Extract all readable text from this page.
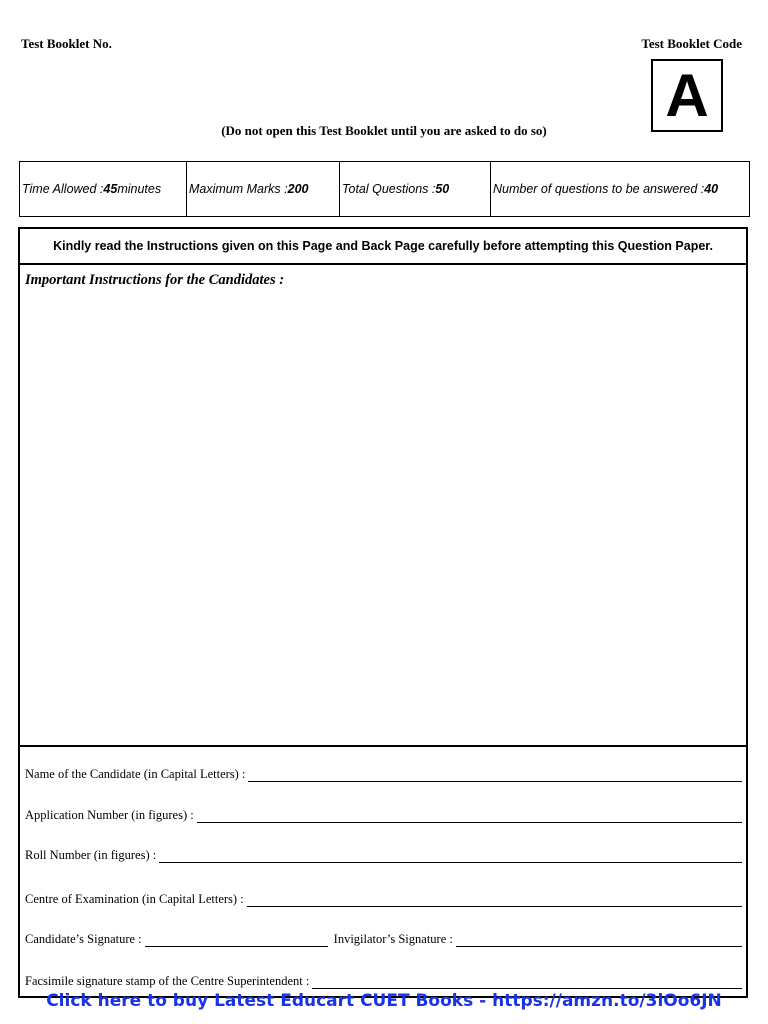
Test Booklet No.	Test Booklet Code
A
(Do not open this Test Booklet until you are asked to do so)
Time Allowed : 45 minutes Maximum Marks : 200	Total Questions : 50	Number of questions to be answered : 40
Kindly read the Instructions given on this Page and Back Page carefully before attempting this Question Paper.
Important Instructions for the Candidates :
Name of the Candidate (in Capital Letters) :
Application Number (in figures) :
Roll Number (in figures) :
Centre of Examination (in Capital Letters) :
Candidate’s Signature :	Invigilator’s Signature :
Facsimile signature stamp of the Centre Superintendent :
Click here to buy Latest Educart CUET Books - https://amzn.to/3lOo6JN
